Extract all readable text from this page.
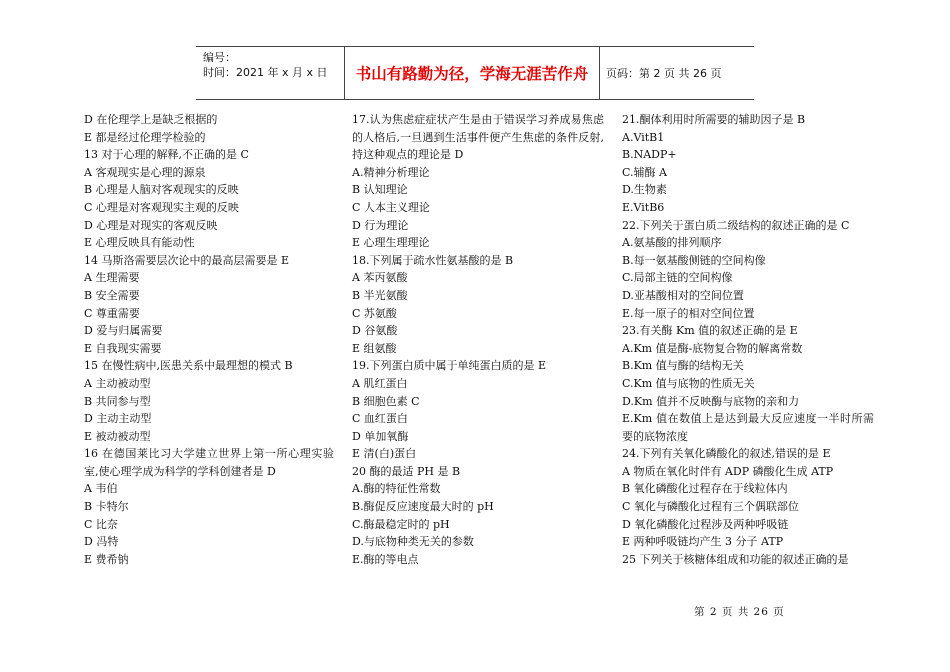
编号：
时间：2021 年 x 月 x 日	书山有路勤为径，学海无涯苦作舟	页码：第 2 页 共 26 页
D 在伦理学上是缺乏根据的
E 都是经过伦理学检验的
13 对于心理的解释,不正确的是 C
A 客观现实是心理的源泉
B 心理是人脑对客观现实的反映
C 心理是对客观现实主观的反映
D 心理是对现实的客观反映
E 心理反映具有能动性
14 马斯洛需要层次论中的最高层需要是 E
A 生理需要
B 安全需要
C 尊重需要
D 爱与归属需要
E 自我现实需要
15 在慢性病中,医患关系中最理想的模式 B
A 主动被动型
B 共同参与型
D 主动主动型
E 被动被动型
16 在德国莱比习大学建立世界上第一所心理实验室,使心理学成为科学的学科创建者是 D
A 韦伯
B 卡特尔
C 比奈
D 冯特
E 费希钠
17.认为焦虑症症状产生是由于错误学习养成易焦虑的人格后,一旦遇到生活事件便产生焦虑的条件反射,持这种观点的理论是 D
A.精神分析理论
B 认知理论
C 人本主义理论
D 行为理论
E 心理生理理论
18.下列属于疏水性氨基酸的是 B
A 苯丙氨酸
B 半光氨酸
C 苏氨酸
D 谷氨酸
E 组氨酸
19.下列蛋白质中属于单纯蛋白质的是 E
A 肌红蛋白
B 细胞色素 C
C 血红蛋白
D 单加氧酶
E 清(白)蛋白
20 酶的最适 PH 是 B
A.酶的特征性常数
B.酶促反应速度最大时的 pH
C.酶最稳定时的 pH
D.与底物种类无关的参数
E.酶的等电点
21.酮体利用时所需要的辅助因子是 B
A.VitB1
B.NADP+
C.辅酶 A
D.生物素
E.VitB6
22.下列关于蛋白质二级结构的叙述正确的是 C
A.氨基酸的排列顺序
B.每一氨基酸侧链的空间构像
C.局部主链的空间构像
D.亚基酸相对的空间位置
E.每一原子的相对空间位置
23.有关酶 Km 值的叙述正确的是 E
A.Km 值是酶-底物复合物的解离常数
B.Km 值与酶的结构无关
C.Km 值与底物的性质无关
D.Km 值并不反映酶与底物的亲和力
E.Km 值在数值上是达到最大反应速度一半时所需要的底物浓度
24.下列有关氧化磷酸化的叙述,错误的是 E
A 物质在氧化时伴有 ADP 磷酸化生成 ATP
B 氧化磷酸化过程存在于线粒体内
C 氧化与磷酸化过程有三个偶联部位
D 氧化磷酸化过程涉及两种呼吸链
E 两种呼吸链均产生 3 分子 ATP
25 下列关于核糖体组成和功能的叙述正确的是
第 2 页 共 26 页
